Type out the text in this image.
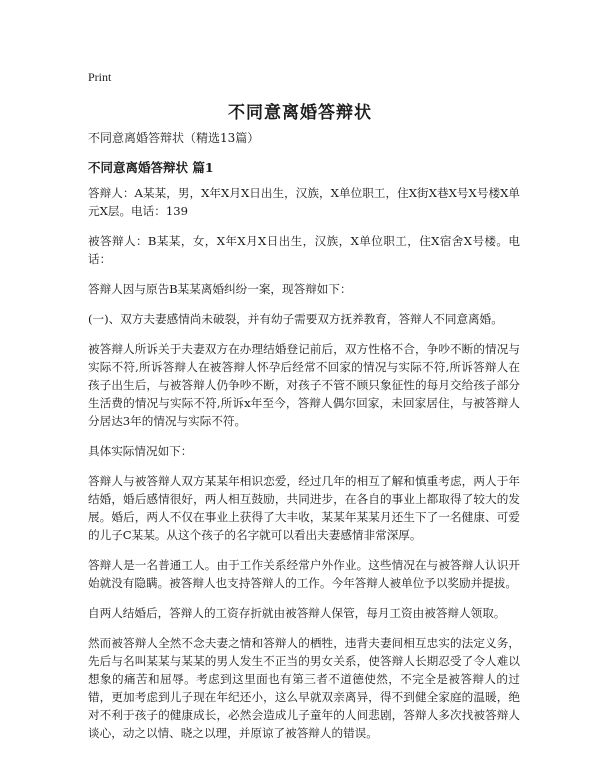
Print
不同意离婚答辩状

不同意离婚答辩状（精选13篇）

不同意离婚答辩状 篇1

答辩人：A某某，男，X年X月X日出生，汉族，X单位职工，住X街X巷X号X号楼X单元X层。电话：139

被答辩人：B某某，女，X年X月X日出生，汉族，X单位职工，住X宿舍X号楼。电话：

答辩人因与原告B某某离婚纠纷一案，现答辩如下：

(一)、双方夫妻感情尚未破裂，并有幼子需要双方抚养教育，答辩人不同意离婚。

被答辩人所诉关于夫妻双方在办理结婚登记前后，双方性格不合，争吵不断的情况与实际不符,所诉答辩人在被答辩人怀孕后经常不回家的情况与实际不符,所诉答辩人在孩子出生后，与被答辩人仍争吵不断，对孩子不管不顾只象征性的每月交给孩子部分生活费的情况与实际不符,所诉x年至今，答辩人偶尔回家，未回家居住，与被答辩人分居达3年的情况与实际不符。

具体实际情况如下：

答辩人与被答辩人双方某某年相识恋爱，经过几年的相互了解和慎重考虑，两人于年结婚，婚后感情很好，两人相互鼓励，共同进步，在各自的事业上都取得了较大的发展。婚后，两人不仅在事业上获得了大丰收，某某年某某月还生下了一名健康、可爱的儿子C某某。从这个孩子的名字就可以看出夫妻感情非常深厚。

答辩人是一名普通工人。由于工作关系经常户外作业。这些情况在与被答辩人认识开始就没有隐瞒。被答辩人也支持答辩人的工作。今年答辩人被单位予以奖励并提拔。

自两人结婚后，答辩人的工资存折就由被答辩人保管，每月工资由被答辩人领取。

然而被答辩人全然不念夫妻之情和答辩人的栖牲，违背夫妻间相互忠实的法定义务，先后与名叫某某与某某的男人发生不正当的男女关系，使答辩人长期忍受了令人难以想象的痛苦和屈辱。考虑到这里面也有第三者不道德使然，不完全是被答辩人的过错，更加考虑到儿子现在年纪还小，这么早就双亲离异，得不到健全家庭的温暖，绝对不利于孩子的健康成长，必然会造成儿子童年的人间悲剧，答辩人多次找被答辩人谈心，动之以情、晓之以理，并原谅了被答辩人的错误。
